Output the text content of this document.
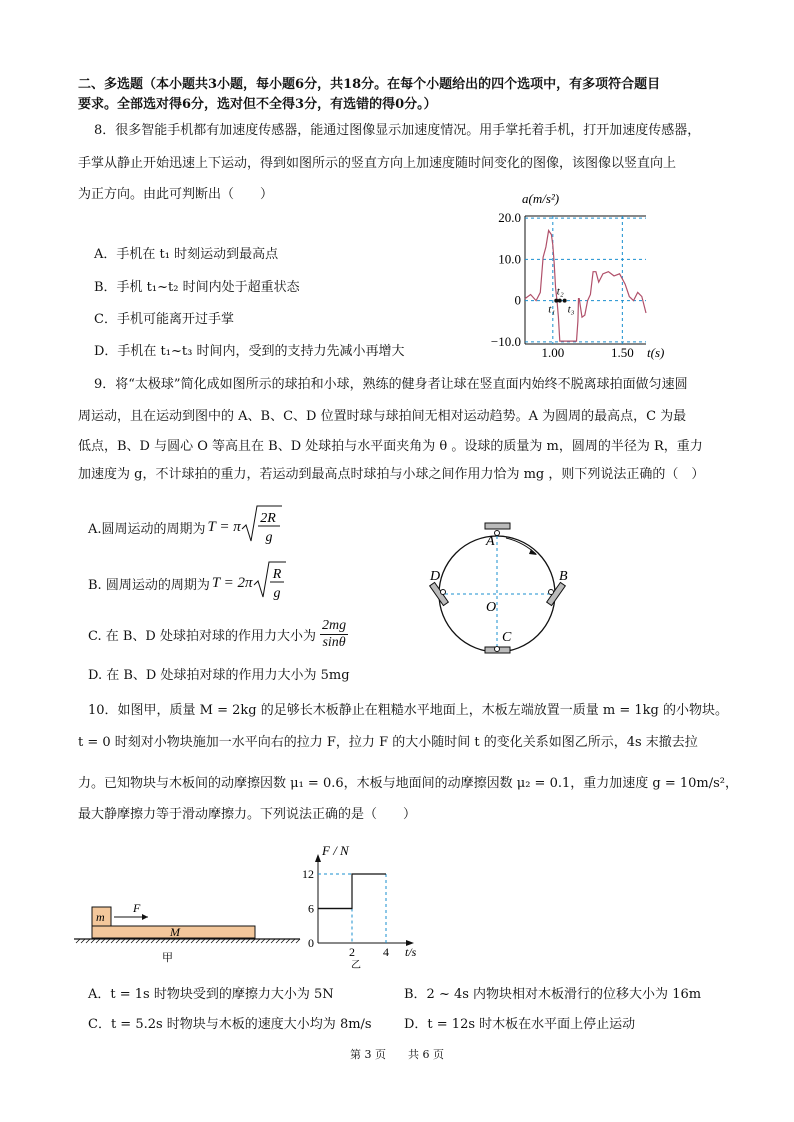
二、多选题（本小题共3小题，每小题6分，共18分。在每个小题给出的四个选项中，有多项符合题目
要求。全部选对得6分，选对但不全得3分，有选错的得0分。）
8．很多智能手机都有加速度传感器，能通过图像显示加速度情况。用手掌托着手机，打开加速度传感器，
手掌从静止开始迅速上下运动，得到如图所示的竖直方向上加速度随时间变化的图像，该图像以竖直向上
为正方向。由此可判断出（　　）
A．手机在 t₁ 时刻运动到最高点
B．手机 t₁~t₂ 时间内处于超重状态
C．手机可能离开过手掌
D．手机在 t₁~t₃ 时间内，受到的支持力先减小再增大
a(m/s²)
20.0
10.0
0
−10.0
1.00	1.50
t₁
t₂
t₃
t(s)
9．将“太极球”简化成如图所示的球拍和小球，熟练的健身者让球在竖直面内始终不脱离球拍面做匀速圆
周运动，且在运动到图中的 A、B、C、D 位置时球与球拍间无相对运动趋势。A 为圆周的最高点，C 为最
低点，B、D 与圆心 O 等高且在 B、D 处球拍与水平面夹角为 θ 。设球的质量为 m，圆周的半径为 R，重力
加速度为 g，不计球拍的重力，若运动到最高点时球拍与小球之间作用力恰为 mg ，则下列说法正确的（　）
A.圆周运动的周期为 T = π 2R
g
B. 圆周运动的周期为 T = 2π R
g
C. 在 B、D 处球拍对球的作用力大小为 $\frac{2mg}{\sin\theta}$
D. 在 B、D 处球拍对球的作用力大小为 5mg
A
B
C
D
O
10．如图甲，质量 M = 2kg 的足够长木板静止在粗糙水平地面上，木板左端放置一质量 m = 1kg 的小物块。
t = 0 时刻对小物块施加一水平向右的拉力 F，拉力 F 的大小随时间 t 的变化关系如图乙所示，4s 末撤去拉
力。已知物块与木板间的动摩擦因数 μ₁ = 0.6，木板与地面间的动摩擦因数 μ₂ = 0.1，重力加速度 g = 10m/s²，
最大静摩擦力等于滑动摩擦力。下列说法正确的是（　　）
m
F
M
甲
F / N
12
6
0
2 4 t/s
乙
A．t = 1s 时物块受到的摩擦力大小为 5N	B．2 ~ 4s 内物块相对木板滑行的位移大小为 16m
C．t = 5.2s 时物块与木板的速度大小均为 8m/s D．t = 12s 时木板在水平面上停止运动
第 3 页　　共 6 页
